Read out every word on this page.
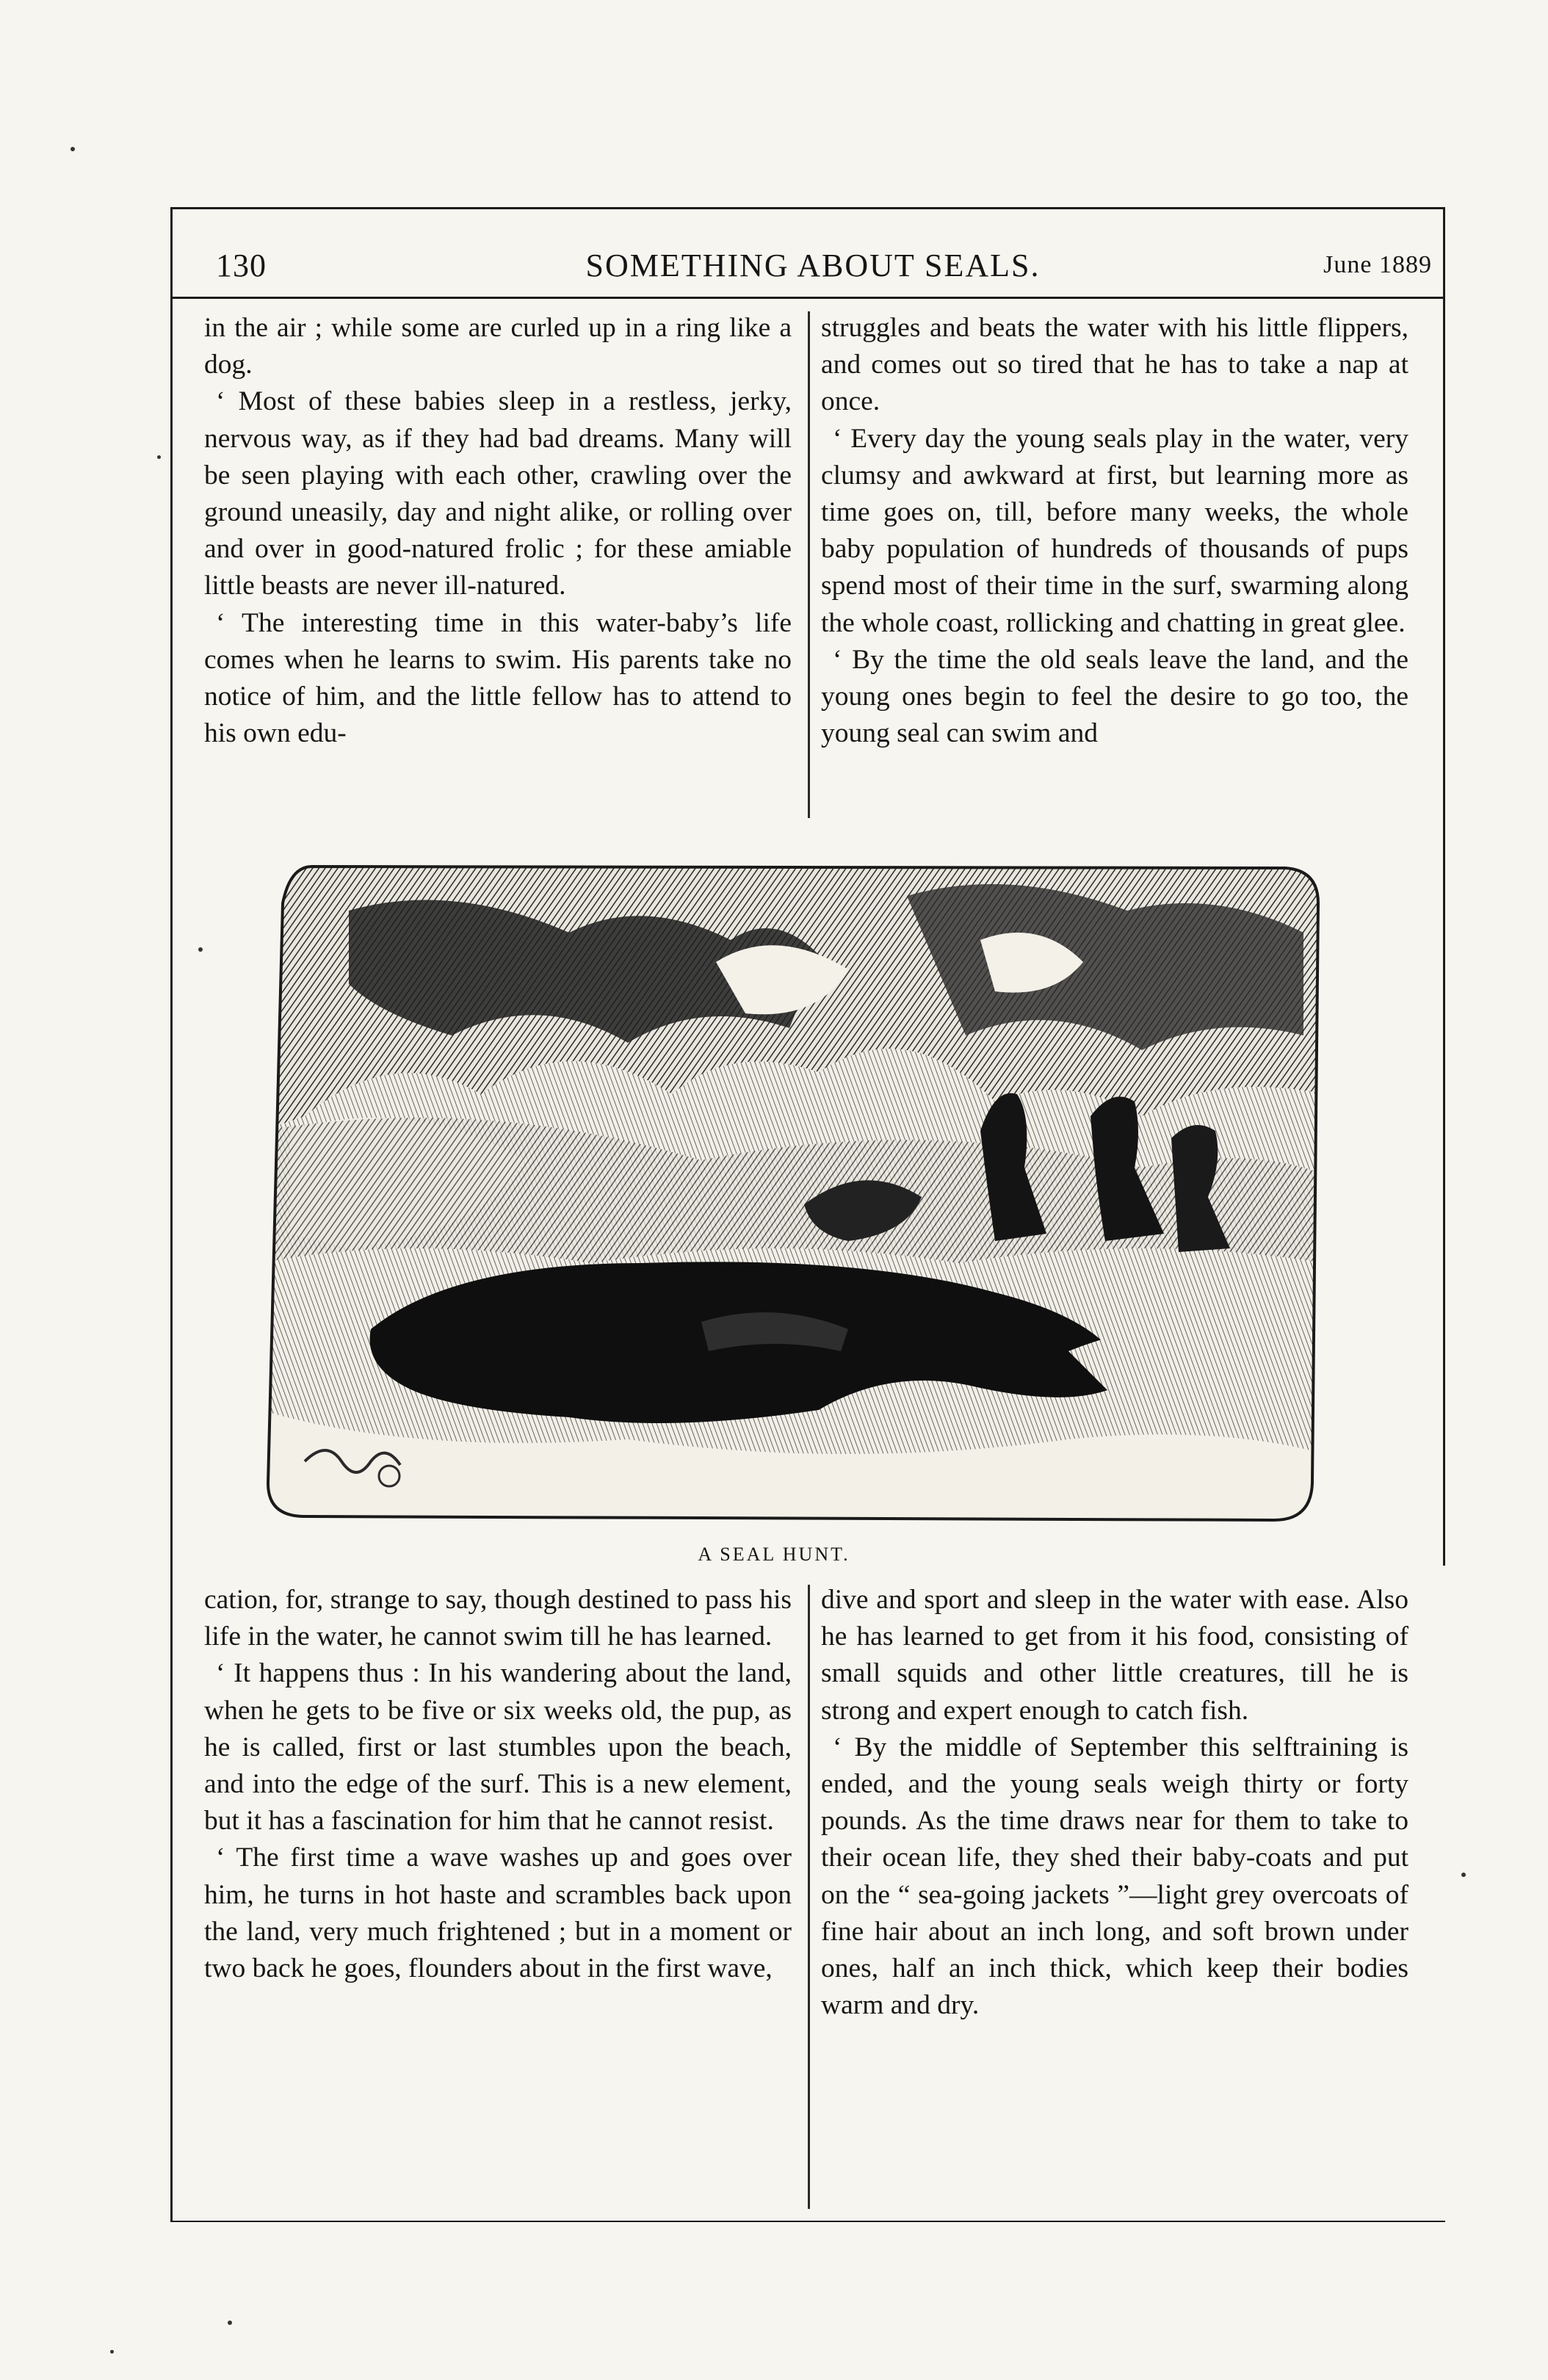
130	SOMETHING ABOUT SEALS.	June 1889

in the air ; while some are curled up in a ring like a dog.

‘ Most of these babies sleep in a restless, jerky, nervous way, as if they had bad dreams. Many will be seen playing with each other, crawling over the ground uneasily, day and night alike, or rolling over and over in good-natured frolic ; for these amiable little beasts are never ill-natured.

‘ The interesting time in this water-baby’s life comes when he learns to swim. His parents take no notice of him, and the little fellow has to attend to his own edu-

struggles and beats the water with his little flippers, and comes out so tired that he has to take a nap at once.

‘ Every day the young seals play in the water, very clumsy and awkward at first, but learning more as time goes on, till, before many weeks, the whole baby population of hundreds of thousands of pups spend most of their time in the surf, swarming along the whole coast, rollicking and chatting in great glee.

‘ By the time the old seals leave the land, and the young ones begin to feel the desire to go too, the young seal can swim and

A SEAL HUNT.

cation, for, strange to say, though destined to pass his life in the water, he cannot swim till he has learned.

‘ It happens thus : In his wandering about the land, when he gets to be five or six weeks old, the pup, as he is called, first or last stumbles upon the beach, and into the edge of the surf. This is a new element, but it has a fascination for him that he cannot resist.

‘ The first time a wave washes up and goes over him, he turns in hot haste and scrambles back upon the land, very much frightened ; but in a moment or two back he goes, flounders about in the first wave,

dive and sport and sleep in the water with ease. Also he has learned to get from it his food, consisting of small squids and other little creatures, till he is strong and expert enough to catch fish.

‘ By the middle of September this selftraining is ended, and the young seals weigh thirty or forty pounds. As the time draws near for them to take to their ocean life, they shed their baby-coats and put on the “ sea-going jackets ”—light grey overcoats of fine hair about an inch long, and soft brown under ones, half an inch thick, which keep their bodies warm and dry.
